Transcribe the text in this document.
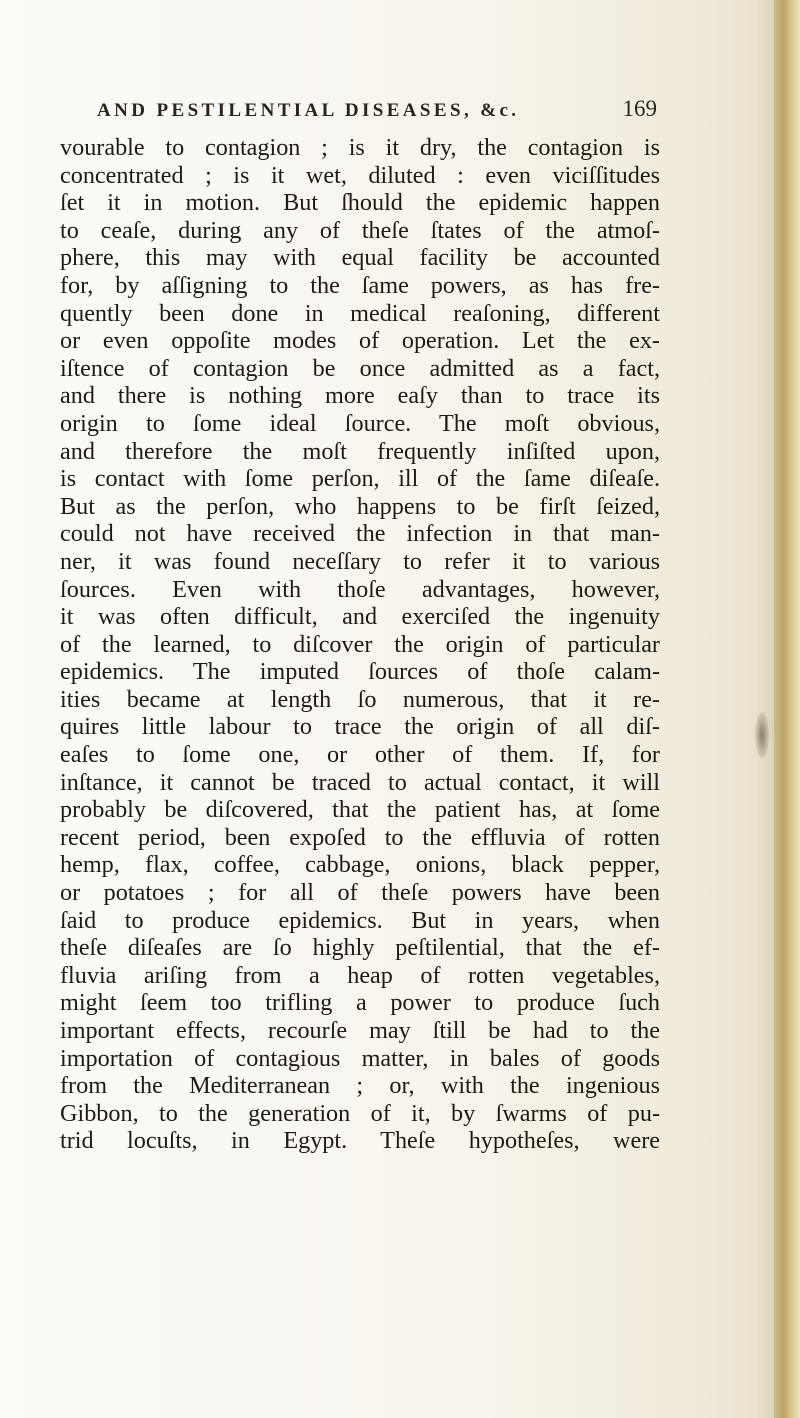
AND PESTILENTIAL DISEASES, &c.	169
vourable to contagion ; is it dry, the contagion is
concentrated ; is it wet, diluted : even viciſſitudes
ſet it in motion. But ſhould the epidemic happen
to ceaſe, during any of theſe ſtates of the atmoſ-
phere, this may with equal facility be accounted
for, by aſſigning to the ſame powers, as has fre-
quently been done in medical reaſoning, different
or even oppoſite modes of operation. Let the ex-
iſtence of contagion be once admitted as a fact,
and there is nothing more eaſy than to trace its
origin to ſome ideal ſource. The moſt obvious,
and therefore the moſt frequently inſiſted upon,
is contact with ſome perſon, ill of the ſame diſeaſe.
But as the perſon, who happens to be firſt ſeized,
could not have received the infection in that man-
ner, it was found neceſſary to refer it to various
ſources. Even with thoſe advantages, however,
it was often difficult, and exerciſed the ingenuity
of the learned, to diſcover the origin of particular
epidemics. The imputed ſources of thoſe calam-
ities became at length ſo numerous, that it re-
quires little labour to trace the origin of all diſ-
eaſes to ſome one, or other of them. If, for
inſtance, it cannot be traced to actual contact, it will
probably be diſcovered, that the patient has, at ſome
recent period, been expoſed to the effluvia of rotten
hemp, flax, coffee, cabbage, onions, black pepper,
or potatoes ; for all of theſe powers have been
ſaid to produce epidemics. But in years, when
theſe diſeaſes are ſo highly peſtilential, that the ef-
fluvia ariſing from a heap of rotten vegetables,
might ſeem too trifling a power to produce ſuch
important effects, recourſe may ſtill be had to the
importation of contagious matter, in bales of goods
from the Mediterranean ; or, with the ingenious
Gibbon, to the generation of it, by ſwarms of pu-
trid locuſts, in Egypt. Theſe hypotheſes, were
